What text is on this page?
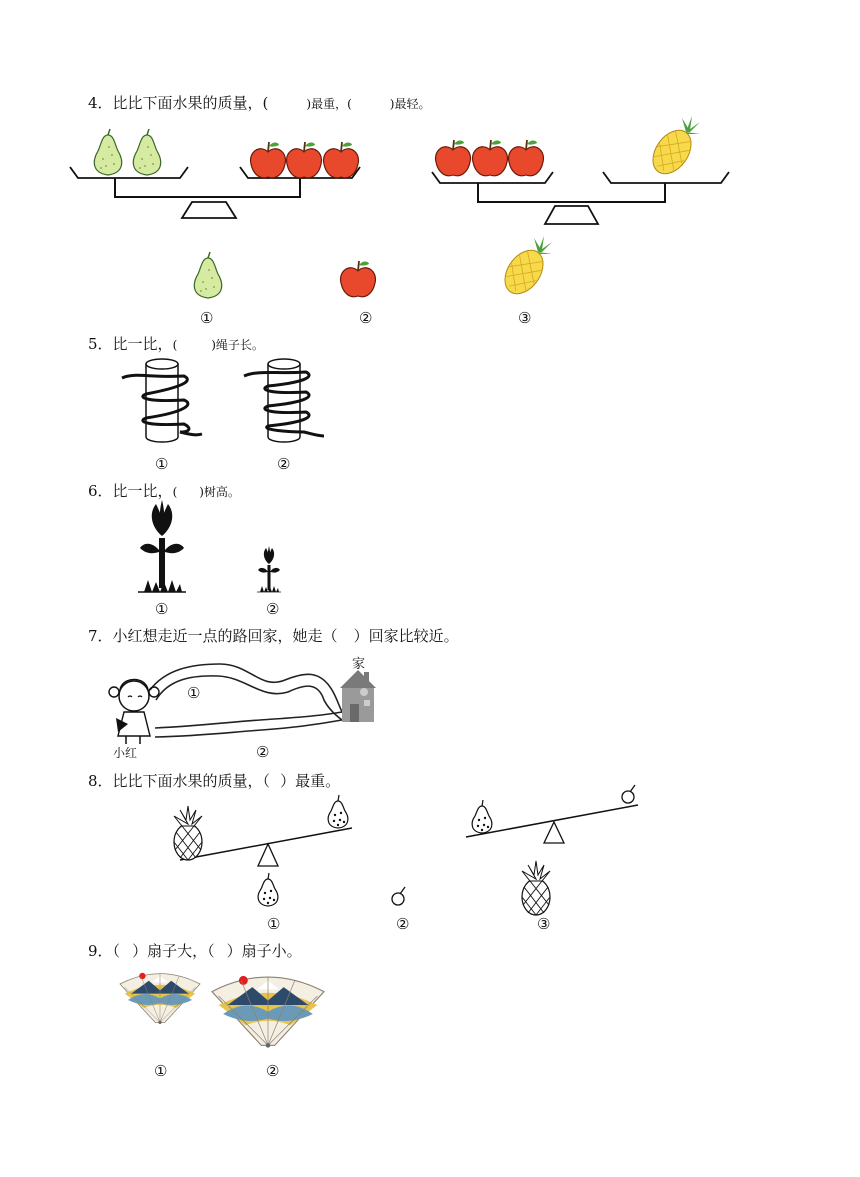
4．比比下面水果的质量，(	)最重，(	)最轻。
①	②	③
5．比一比，(	)绳子长。
①	②
6．比一比，( )树高。
①	②
7．小红想走近一点的路回家，她走（ ）回家比较近。
家
小红
①
②
8．比比下面水果的质量，（ ）最重。
①	②	③
9．（ ）扇子大，（ ）扇子小。
①	②
